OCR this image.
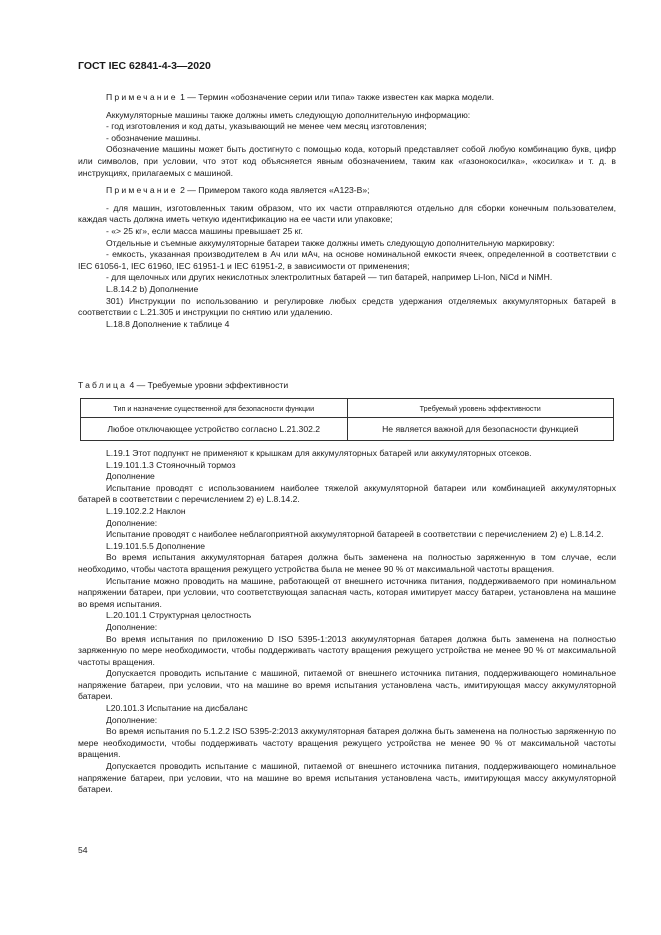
ГОСТ IEC 62841-4-3—2020

Примечание 1 — Термин «обозначение серии или типа» также известен как марка модели.

Аккумуляторные машины также должны иметь следующую дополнительную информацию:

- год изготовления и код даты, указывающий не менее чем месяц изготовления;

- обозначение машины.

Обозначение машины может быть достигнуто с помощью кода, который представляет собой любую комбинацию букв, цифр или символов, при условии, что этот код объясняется явным обозначением, таким как «газонокосилка», «косилка» и т. д. в инструкциях, прилагаемых с машиной.

Примечание 2 — Примером такого кода является «A123-B»;

- для машин, изготовленных таким образом, что их части отправляются отдельно для сборки конечным пользователем, каждая часть должна иметь четкую идентификацию на ее части или упаковке;

- «> 25 кг», если масса машины превышает 25 кг.

Отдельные и съемные аккумуляторные батареи также должны иметь следующую дополнительную маркировку:

- емкость, указанная производителем в Ач или мАч, на основе номинальной емкости ячеек, определенной в соответствии с IEC 61056-1, IEC 61960, IEC 61951-1 и IEC 61951-2, в зависимости от применения;

- для щелочных или других некислотных электролитных батарей — тип батарей, например Li-Ion, NiCd и NiMH.

L.8.14.2 b) Дополнение

301) Инструкции по использованию и регулировке любых средств удержания отделяемых аккумуляторных батарей в соответствии с L.21.305 и инструкции по снятию или удалению.

L.18.8 Дополнение к таблице 4

Таблица 4 — Требуемые уровни эффективности
Тип и назначение существенной для безопасности функции	Требуемый уровень эффективности
Любое отключающее устройство согласно L.21.302.2	Не является важной для безопасности функцией

L.19.1 Этот подпункт не применяют к крышкам для аккумуляторных батарей или аккумуляторных отсеков.

L.19.101.1.3 Стояночный тормоз

Дополнение

Испытание проводят с использованием наиболее тяжелой аккумуляторной батареи или комбинацией аккумуляторных батарей в соответствии с перечислением 2) е) L.8.14.2.

L.19.102.2.2 Наклон

Дополнение:

Испытание проводят с наиболее неблагоприятной аккумуляторной батареей в соответствии с перечислением 2) е) L.8.14.2.

L.19.101.5.5 Дополнение

Во время испытания аккумуляторная батарея должна быть заменена на полностью заряженную в том случае, если необходимо, чтобы частота вращения режущего устройства была не менее 90 % от максимальной частоты вращения.

Испытание можно проводить на машине, работающей от внешнего источника питания, поддерживаемого при номинальном напряжении батареи, при условии, что соответствующая запасная часть, которая имитирует массу батареи, установлена на машине во время испытания.

L.20.101.1 Структурная целостность

Дополнение:

Во время испытания по приложению D ISO 5395-1:2013 аккумуляторная батарея должна быть заменена на полностью заряженную по мере необходимости, чтобы поддерживать частоту вращения режущего устройства не менее 90 % от максимальной частоты вращения.

Допускается проводить испытание с машиной, питаемой от внешнего источника питания, поддерживающего номинальное напряжение батареи, при условии, что на машине во время испытания установлена часть, имитирующая массу аккумуляторной батареи.

L20.101.3 Испытание на дисбаланс

Дополнение:

Во время испытания по 5.1.2.2 ISO 5395-2:2013 аккумуляторная батарея должна быть заменена на полностью заряженную по мере необходимости, чтобы поддерживать частоту вращения режущего устройства не менее 90 % от максимальной частоты вращения.

Допускается проводить испытание с машиной, питаемой от внешнего источника питания, поддерживающего номинальное напряжение батареи, при условии, что на машине во время испытания установлена часть, имитирующая массу аккумуляторной батареи.

54
